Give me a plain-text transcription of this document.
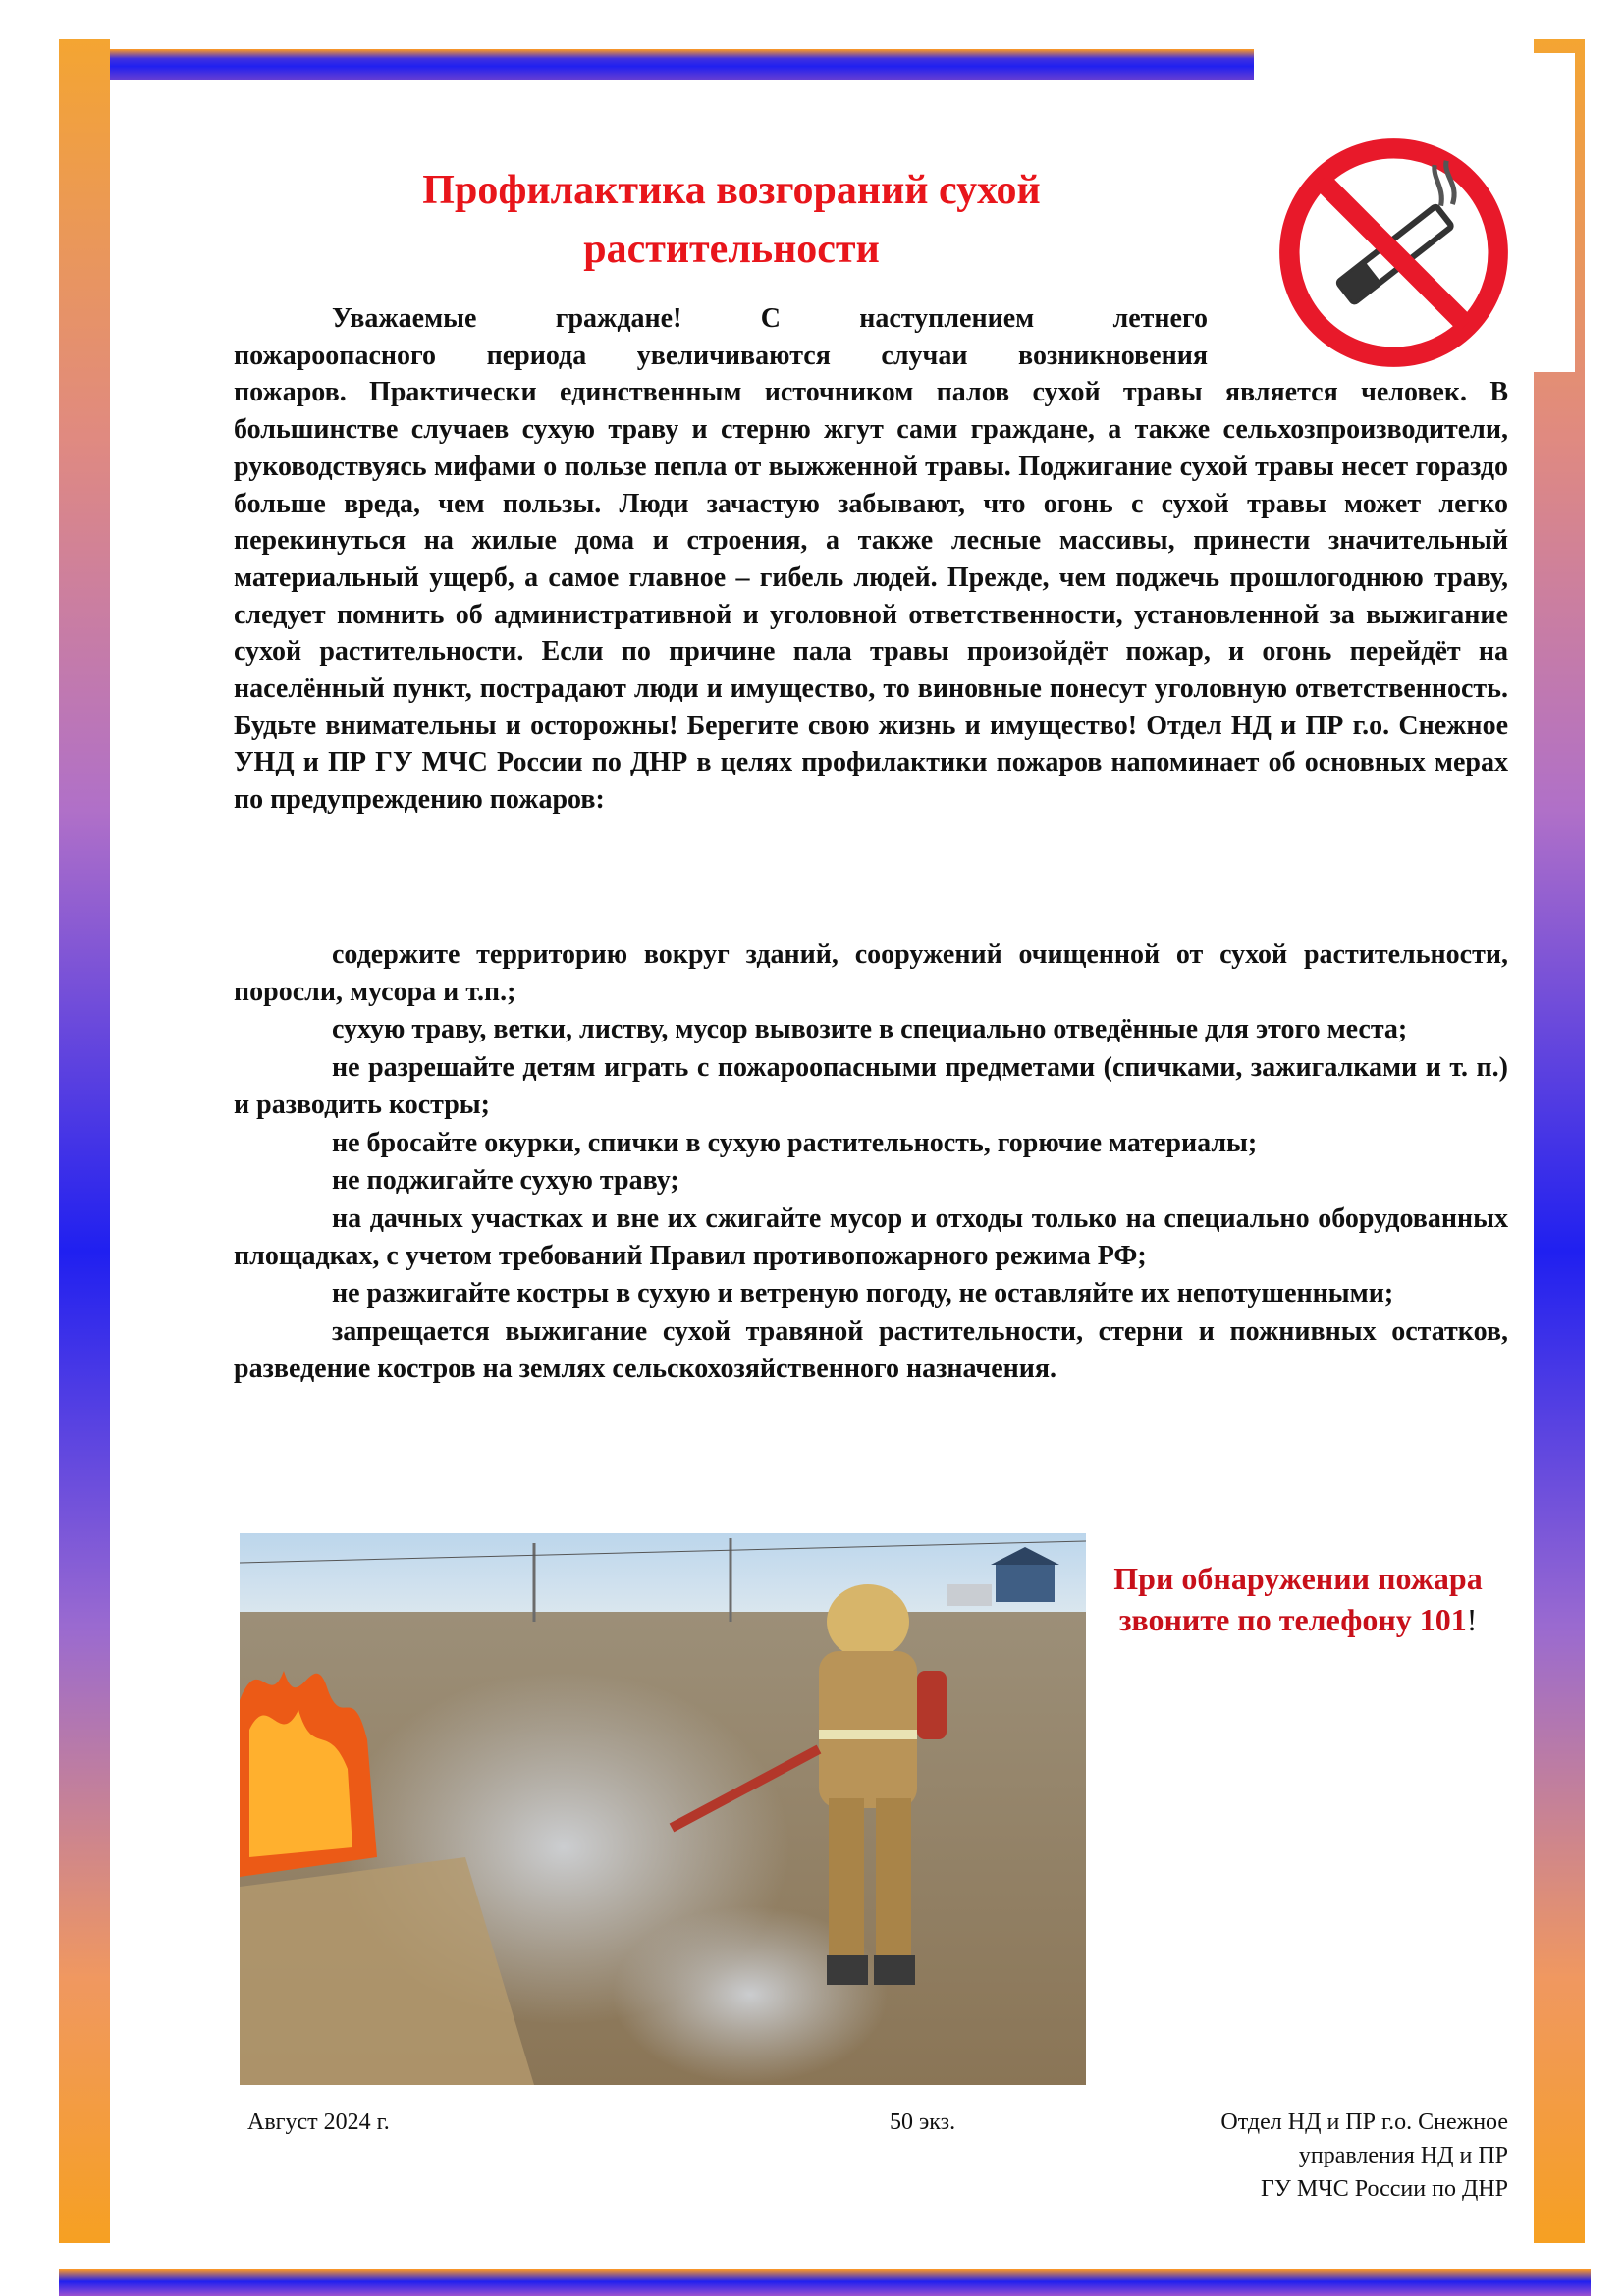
Профилактика возгораний сухой
растительности
Уважаемые граждане! С наступлением летнего
пожароопасного периода увеличиваются случаи возникновения
пожаров. Практически единственным источником палов сухой травы является человек. В большинстве случаев сухую траву и стерню жгут сами граждане, а также сельхозпроизводители, руководствуясь мифами о пользе пепла от выжженной травы. Поджигание сухой травы несет гораздо больше вреда, чем пользы. Люди зачастую забывают, что огонь с сухой травы может легко перекинуться на жилые дома и строения, а также лесные массивы, принести значительный материальный ущерб, а самое главное – гибель людей. Прежде, чем поджечь прошлогоднюю траву, следует помнить об административной и уголовной ответственности, установленной за выжигание сухой растительности. Если по причине пала травы произойдёт пожар, и огонь перейдёт на населённый пункт, пострадают люди и имущество, то виновные понесут уголовную ответственность. Будьте внимательны и осторожны! Берегите свою жизнь и имущество! Отдел НД и ПР г.о. Снежное УНД и ПР ГУ МЧС России по ДНР в целях профилактики пожаров напоминает об основных мерах по предупреждению пожаров:

содержите территорию вокруг зданий, сооружений очищенной от сухой растительности, поросли, мусора и т.п.;

сухую траву, ветки, листву, мусор вывозите в специально отведённые для этого места;

не разрешайте детям играть с пожароопасными предметами (спичками, зажигалками и т. п.) и разводить костры;

не бросайте окурки, спички в сухую растительность, горючие материалы;

не поджигайте сухую траву;

на дачных участках и вне их сжигайте мусор и отходы только на специально оборудованных площадках, с учетом требований Правил противопожарного режима РФ;

не разжигайте костры в сухую и ветреную погоду, не оставляйте их непотушенными;

запрещается выжигание сухой травяной растительности, стерни и пожнивных остатков, разведение костров на землях сельскохозяйственного назначения.

При обнаружении пожара
звоните по телефону 101!
Август 2024 г.	50 экз.	Отдел НД и ПР г.о. Снежное
управления НД и ПР
ГУ МЧС России по ДНР
